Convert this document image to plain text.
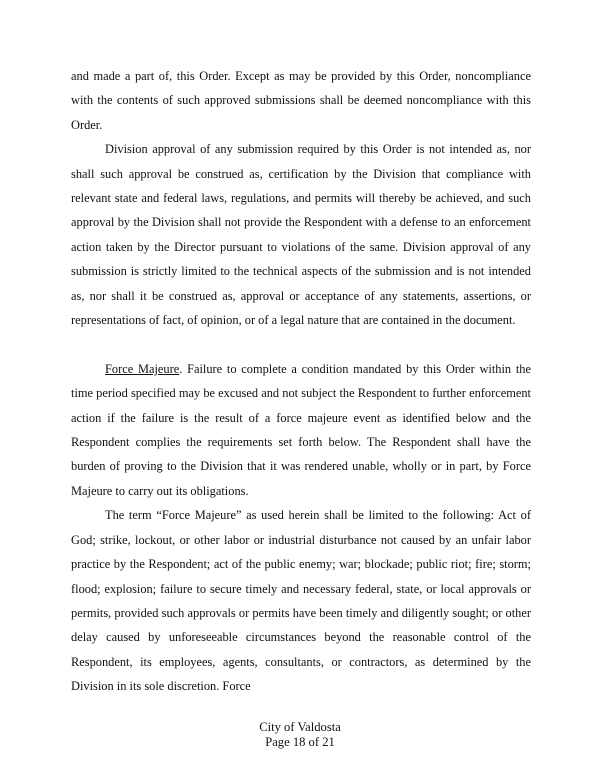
and made a part of, this Order. Except as may be provided by this Order, noncompliance with the contents of such approved submissions shall be deemed noncompliance with this Order.

Division approval of any submission required by this Order is not intended as, nor shall such approval be construed as, certification by the Division that compliance with relevant state and federal laws, regulations, and permits will thereby be achieved, and such approval by the Division shall not provide the Respondent with a defense to an enforcement action taken by the Director pursuant to violations of the same. Division approval of any submission is strictly limited to the technical aspects of the submission and is not intended as, nor shall it be construed as, approval or acceptance of any statements, assertions, or representations of fact, of opinion, or of a legal nature that are contained in the document.

Force Majeure. Failure to complete a condition mandated by this Order within the time period specified may be excused and not subject the Respondent to further enforcement action if the failure is the result of a force majeure event as identified below and the Respondent complies the requirements set forth below. The Respondent shall have the burden of proving to the Division that it was rendered unable, wholly or in part, by Force Majeure to carry out its obligations.

The term “Force Majeure” as used herein shall be limited to the following: Act of God; strike, lockout, or other labor or industrial disturbance not caused by an unfair labor practice by the Respondent; act of the public enemy; war; blockade; public riot; fire; storm; flood; explosion; failure to secure timely and necessary federal, state, or local approvals or permits, provided such approvals or permits have been timely and diligently sought; or other delay caused by unforeseeable circumstances beyond the reasonable control of the Respondent, its employees, agents, consultants, or contractors, as determined by the Division in its sole discretion. Force

City of Valdosta
Page 18 of 21
